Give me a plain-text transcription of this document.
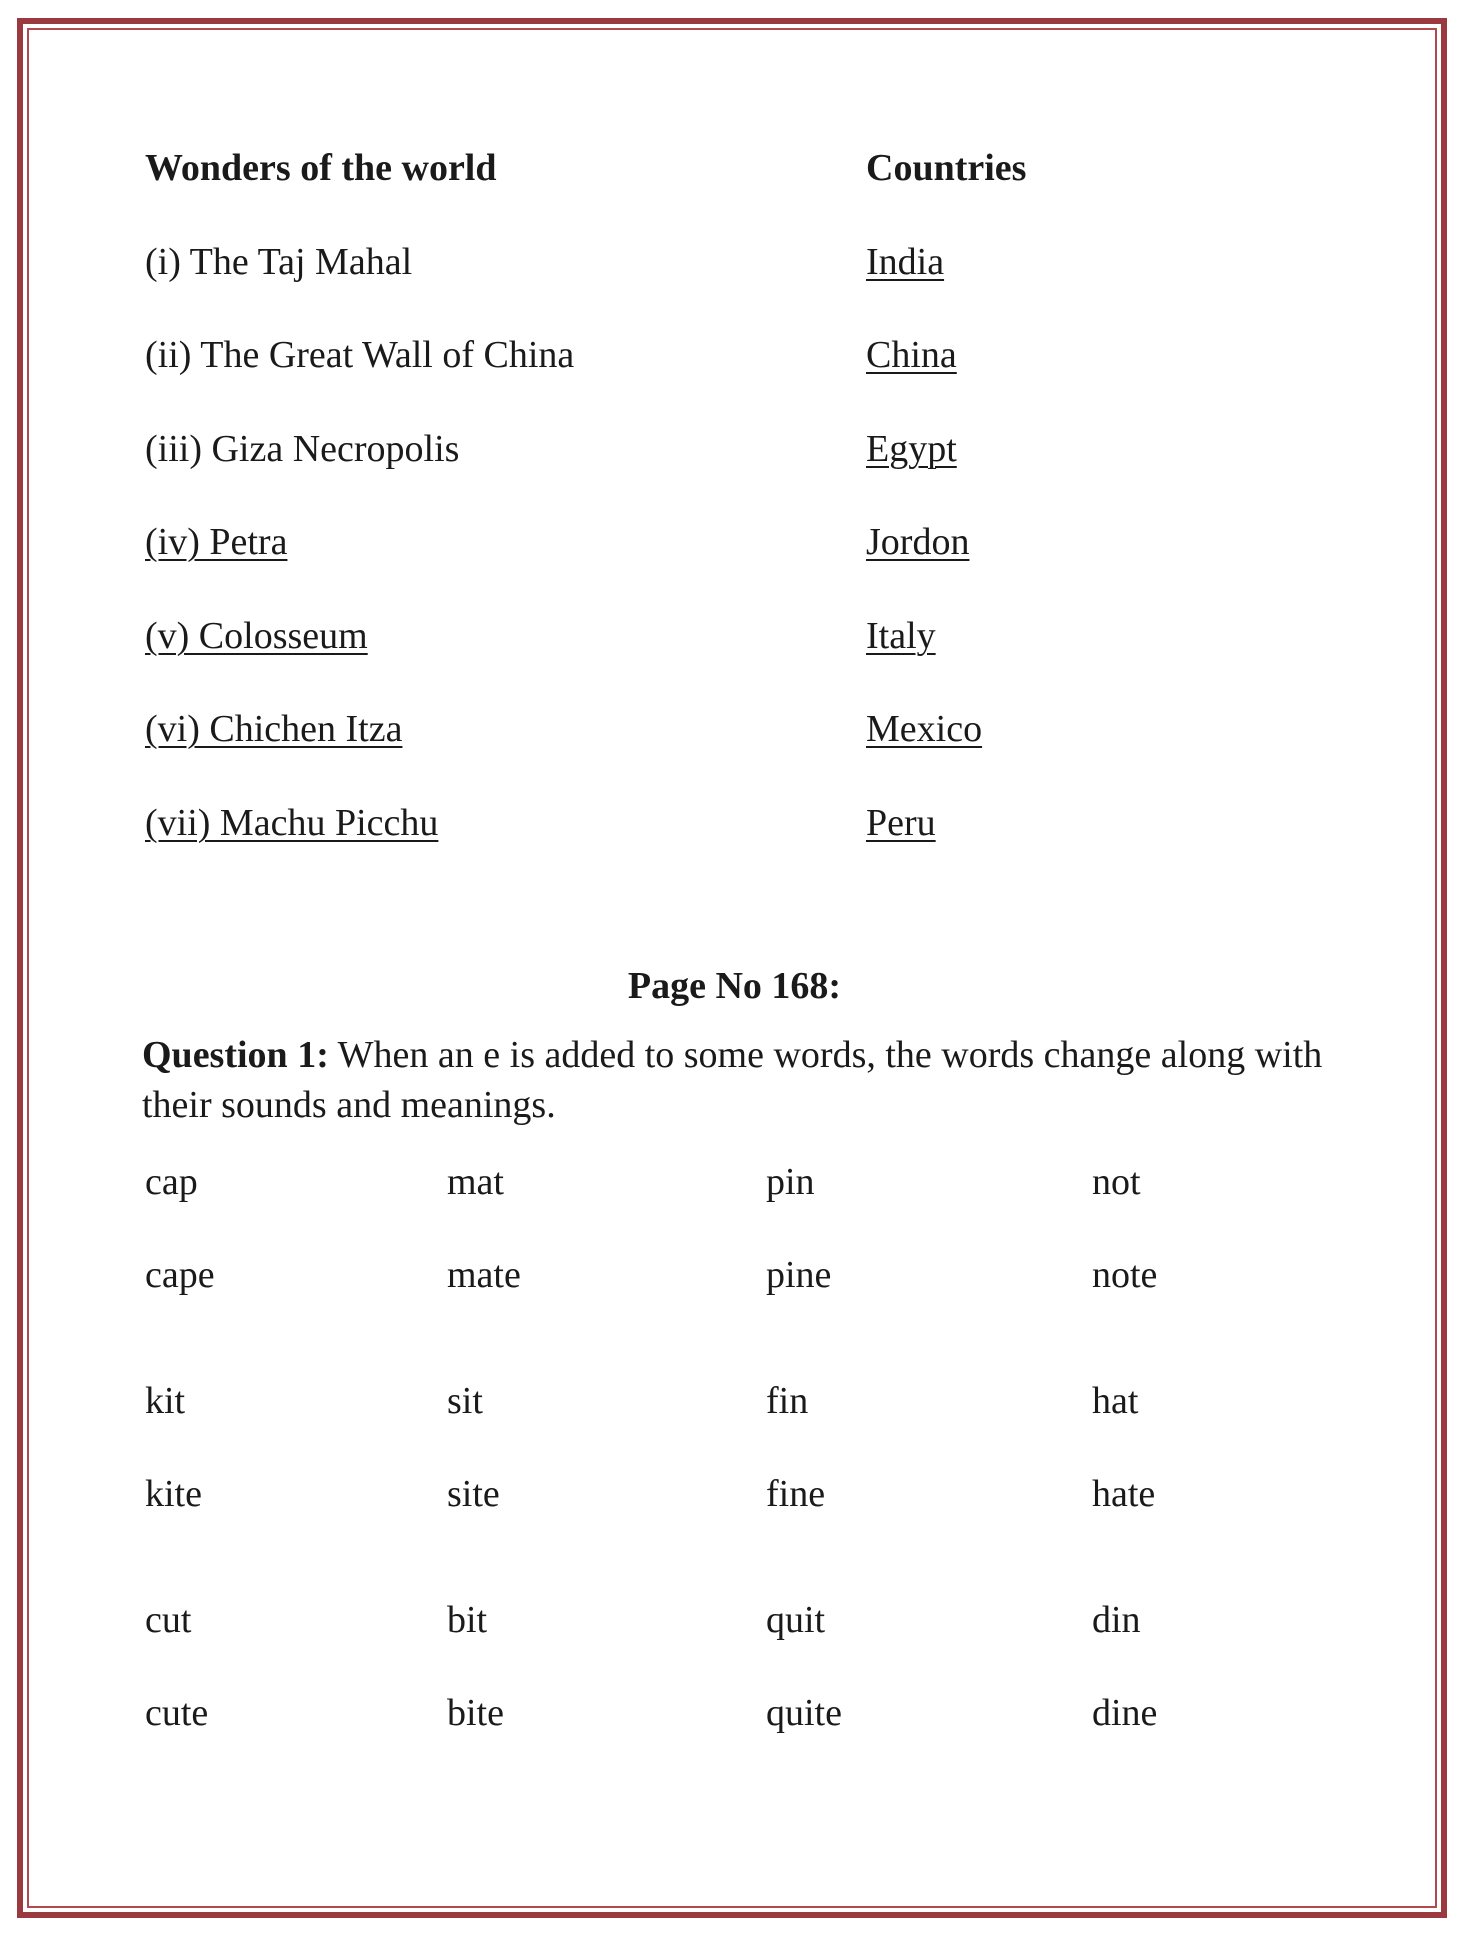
Wonders of the world	Countries
(i) The Taj Mahal	India
(ii) The Great Wall of China	China
(iii) Giza Necropolis	Egypt
(iv) Petra	Jordon
(v) Colosseum	Italy
(vi) Chichen Itza	Mexico
(vii) Machu Picchu	Peru
Page No 168:
Question 1: When an e is added to some words, the words change along with their sounds and meanings.
cap	mat	pin	not
cape	mate	pine	note
kit	sit	fin	hat
kite	site	fine	hate
cut	bit	quit	din
cute	bite	quite	dine
